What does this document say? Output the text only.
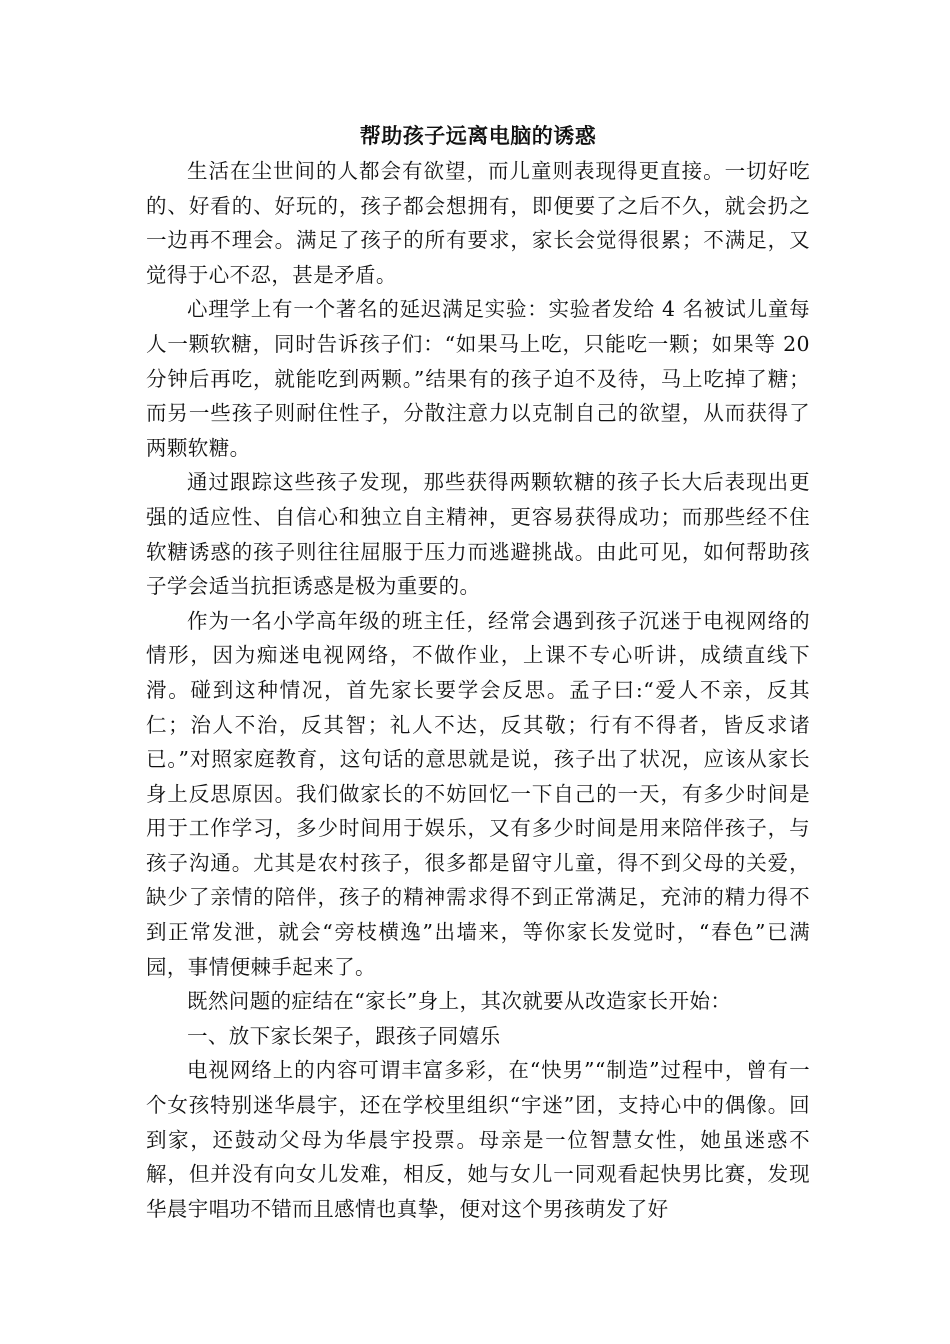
帮助孩子远离电脑的诱惑

生活在尘世间的人都会有欲望，而儿童则表现得更直接。一切好吃的、好看的、好玩的，孩子都会想拥有，即便要了之后不久，就会扔之一边再不理会。满足了孩子的所有要求，家长会觉得很累；不满足，又觉得于心不忍，甚是矛盾。

心理学上有一个著名的延迟满足实验：实验者发给 4 名被试儿童每人一颗软糖，同时告诉孩子们：“如果马上吃，只能吃一颗；如果等 20 分钟后再吃，就能吃到两颗。”结果有的孩子迫不及待，马上吃掉了糖；而另一些孩子则耐住性子，分散注意力以克制自己的欲望，从而获得了两颗软糖。

通过跟踪这些孩子发现，那些获得两颗软糖的孩子长大后表现出更强的适应性、自信心和独立自主精神，更容易获得成功；而那些经不住软糖诱惑的孩子则往往屈服于压力而逃避挑战。由此可见，如何帮助孩子学会适当抗拒诱惑是极为重要的。

作为一名小学高年级的班主任，经常会遇到孩子沉迷于电视网络的情形，因为痴迷电视网络，不做作业，上课不专心听讲，成绩直线下滑。碰到这种情况，首先家长要学会反思。孟子曰:“爱人不亲，反其仁；治人不治，反其智；礼人不达，反其敬；行有不得者，皆反求诸已。”对照家庭教育，这句话的意思就是说，孩子出了状况，应该从家长身上反思原因。我们做家长的不妨回忆一下自己的一天，有多少时间是用于工作学习，多少时间用于娱乐，又有多少时间是用来陪伴孩子，与孩子沟通。尤其是农村孩子，很多都是留守儿童，得不到父母的关爱，缺少了亲情的陪伴，孩子的精神需求得不到正常满足，充沛的精力得不到正常发泄，就会“旁枝横逸”出墙来，等你家长发觉时，“春色”已满园，事情便棘手起来了。

既然问题的症结在“家长”身上，其次就要从改造家长开始：

一、放下家长架子，跟孩子同嬉乐

电视网络上的内容可谓丰富多彩，在“快男”“制造”过程中，曾有一个女孩特别迷华晨宇，还在学校里组织“宇迷”团，支持心中的偶像。回到家，还鼓动父母为华晨宇投票。母亲是一位智慧女性，她虽迷惑不解，但并没有向女儿发难，相反，她与女儿一同观看起快男比赛，发现华晨宇唱功不错而且感情也真挚，便对这个男孩萌发了好
